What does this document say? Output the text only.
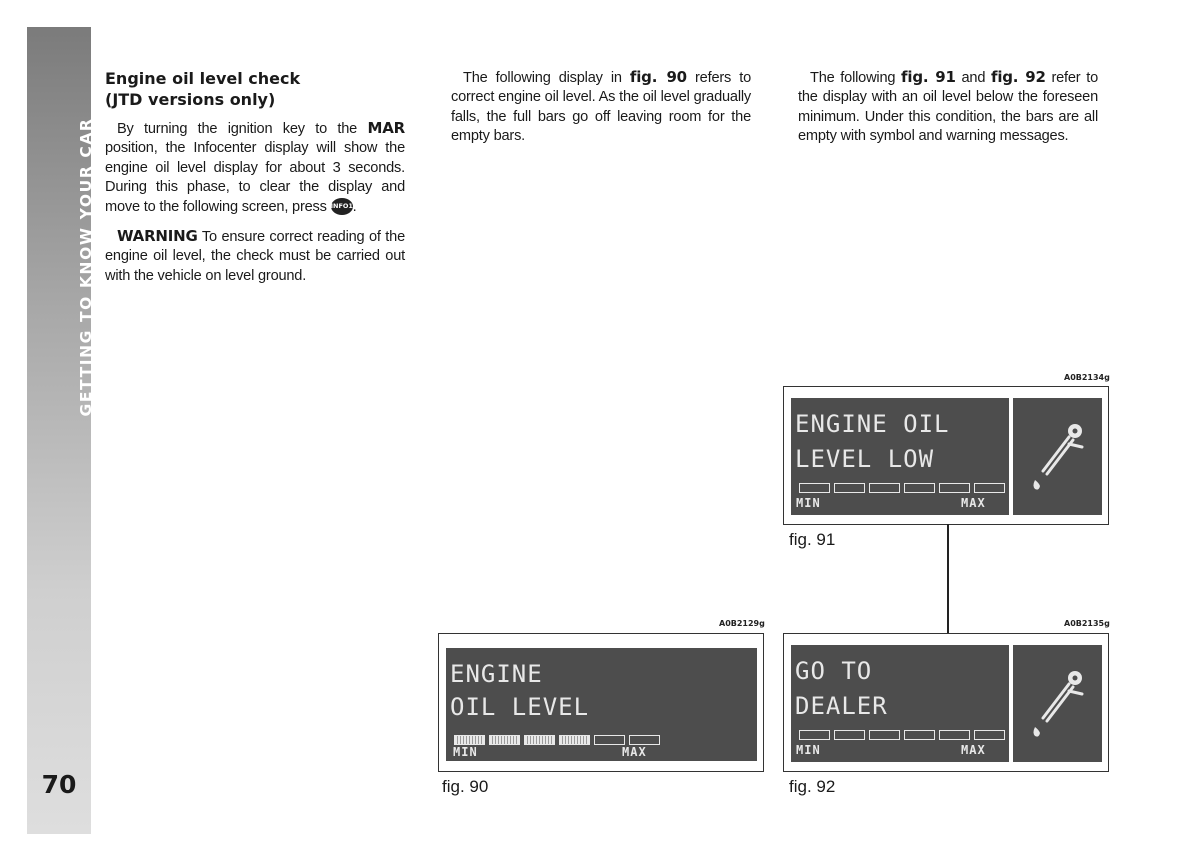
GETTING TO KNOW YOUR CAR
70
Engine oil level check
(JTD versions only)

By turning the ignition key to the MAR position, the Infocenter display will show the engine oil level display for about 3 seconds. During this phase, to clear the display and move to the following screen, press INFO1.

WARNING To ensure correct reading of the engine oil level, the check must be carried out with the vehicle on level ground.

The following display in fig. 90 refers to correct engine oil level. As the oil level gradually falls, the full bars go off leaving room for the empty bars.

The following fig. 91 and fig. 92 refer to the display with an oil level below the foreseen minimum. Under this condition, the bars are all empty with symbol and warning messages.

A0B2129g
ENGINE
OIL LEVEL
MIN	MAX
fig. 90
A0B2134g
ENGINE OIL
LEVEL LOW
MIN	MAX
fig. 91
A0B2135g
GO TO
DEALER
MIN	MAX
fig. 92
